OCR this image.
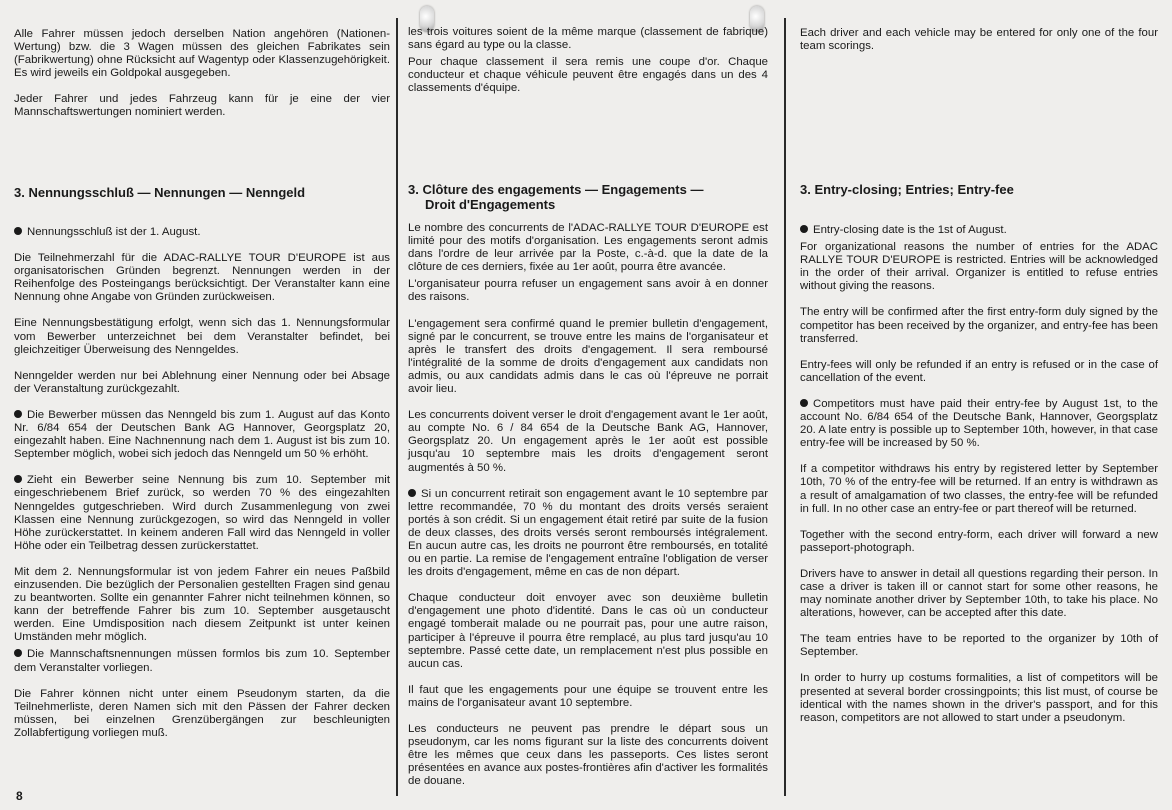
Alle Fahrer müssen jedoch derselben Nation angehören (Nationen-Wertung) bzw. die 3 Wagen müssen des gleichen Fabrikates sein (Fabrikwertung) ohne Rücksicht auf Wagentyp oder Klassenzugehörigkeit. Es wird jeweils ein Goldpokal ausgegeben.

Jeder Fahrer und jedes Fahrzeug kann für je eine der vier Mannschaftswertungen nominiert werden.

3. Nennungsschluß — Nennungen — Nenngeld

Nennungsschluß ist der 1. August.

Die Teilnehmerzahl für die ADAC-RALLYE TOUR D'EUROPE ist aus organisatorischen Gründen begrenzt. Nennungen werden in der Reihenfolge des Posteingangs berücksichtigt. Der Veranstalter kann eine Nennung ohne Angabe von Gründen zurückweisen.

Eine Nennungsbestätigung erfolgt, wenn sich das 1. Nennungsformular vom Bewerber unterzeichnet bei dem Veranstalter befindet, bei gleichzeitiger Überweisung des Nenngeldes.

Nenngelder werden nur bei Ablehnung einer Nennung oder bei Absage der Veranstaltung zurückgezahlt.

Die Bewerber müssen das Nenngeld bis zum 1. August auf das Konto Nr. 6/84 654 der Deutschen Bank AG Hannover, Georgsplatz 20, eingezahlt haben. Eine Nachnennung nach dem 1. August ist bis zum 10. September möglich, wobei sich jedoch das Nenngeld um 50 % erhöht.

Zieht ein Bewerber seine Nennung bis zum 10. September mit eingeschriebenem Brief zurück, so werden 70 % des eingezahlten Nenngeldes gutgeschrieben. Wird durch Zusammenlegung von zwei Klassen eine Nennung zurückgezogen, so wird das Nenngeld in voller Höhe zurückerstattet. In keinem anderen Fall wird das Nenngeld in voller Höhe oder ein Teilbetrag dessen zurückerstattet.

Mit dem 2. Nennungsformular ist von jedem Fahrer ein neues Paßbild einzusenden. Die bezüglich der Personalien gestellten Fragen sind genau zu beantworten. Sollte ein genannter Fahrer nicht teilnehmen können, so kann der betreffende Fahrer bis zum 10. September ausgetauscht werden. Eine Umdisposition nach diesem Zeitpunkt ist unter keinen Umständen mehr möglich.

Die Mannschaftsnennungen müssen formlos bis zum 10. September dem Veranstalter vorliegen.

Die Fahrer können nicht unter einem Pseudonym starten, da die Teilnehmerliste, deren Namen sich mit den Pässen der Fahrer decken müssen, bei einzelnen Grenzübergängen zur beschleunigten Zollabfertigung vorliegen muß.

les trois voitures soient de la même marque (classement de fabrique) sans égard au type ou la classe.

Pour chaque classement il sera remis une coupe d'or. Chaque conducteur et chaque véhicule peuvent être engagés dans un des 4 classements d'équipe.

3. Clôture des engagements — Engagements —
Droit d'Engagements

Le nombre des concurrents de l'ADAC-RALLYE TOUR D'EUROPE est limité pour des motifs d'organisation. Les engagements seront admis dans l'ordre de leur arrivée par la Poste, c.-à-d. que la date de la clôture de ces derniers, fixée au 1er août, pourra être avancée.

L'organisateur pourra refuser un engagement sans avoir à en donner des raisons.

L'engagement sera confirmé quand le premier bulletin d'engagement, signé par le concurrent, se trouve entre les mains de l'organisateur et après le transfert des droits d'engagement. Il sera remboursé l'intégralité de la somme de droits d'engagement aux candidats non admis, ou aux candidats admis dans le cas où l'épreuve ne porrait avoir lieu.

Les concurrents doivent verser le droit d'engagement avant le 1er août, au compte No. 6 / 84 654 de la Deutsche Bank AG, Hannover, Georgsplatz 20. Un engagement après le 1er août est possible jusqu'au 10 septembre mais les droits d'engagement seront augmentés à 50 %.

Si un concurrent retirait son engagement avant le 10 septembre par lettre recommandée, 70 % du montant des droits versés seraient portés à son crédit. Si un engagement était retiré par suite de la fusion de deux classes, des droits versés seront remboursés intégralement. En aucun autre cas, les droits ne pourront être remboursés, en totalité ou en partie. La remise de l'engagement entraîne l'obligation de verser les droits d'engagement, même en cas de non départ.

Chaque conducteur doit envoyer avec son deuxième bulletin d'engagement une photo d'identité. Dans le cas où un conducteur engagé tomberait malade ou ne pourrait pas, pour une autre raison, participer à l'épreuve il pourra être remplacé, au plus tard jusqu'au 10 septembre. Passé cette date, un remplacement n'est plus possible en aucun cas.

Il faut que les engagements pour une équipe se trouvent entre les mains de l'organisateur avant 10 septembre.

Les conducteurs ne peuvent pas prendre le départ sous un pseudonym, car les noms figurant sur la liste des concurrents doivent être les mêmes que ceux dans les passeports. Ces listes seront présentées en avance aux postes-frontières afin d'activer les formalités de douane.

Each driver and each vehicle may be entered for only one of the four team scorings.

3. Entry-closing; Entries; Entry-fee

Entry-closing date is the 1st of August.

For organizational reasons the number of entries for the ADAC RALLYE TOUR D'EUROPE is restricted. Entries will be acknowledged in the order of their arrival. Organizer is entitled to refuse entries without giving the reasons.

The entry will be confirmed after the first entry-form duly signed by the competitor has been received by the organizer, and entry-fee has been transferred.

Entry-fees will only be refunded if an entry is refused or in the case of cancellation of the event.

Competitors must have paid their entry-fee by August 1st, to the account No. 6/84 654 of the Deutsche Bank, Hannover, Georgsplatz 20. A late entry is possible up to September 10th, however, in that case entry-fee will be increased by 50 %.

If a competitor withdraws his entry by registered letter by September 10th, 70 % of the entry-fee will be returned. If an entry is withdrawn as a result of amalgamation of two classes, the entry-fee will be refunded in full. In no other case an entry-fee or part thereof will be returned.

Together with the second entry-form, each driver will forward a new passeport-photograph.

Drivers have to answer in detail all questions regarding their person. In case a driver is taken ill or cannot start for some other reasons, he may nominate another driver by September 10th, to take his place. No alterations, however, can be accepted after this date.

The team entries have to be reported to the organizer by 10th of September.

In order to hurry up costums formalities, a list of competitors will be presented at several border crossingpoints; this list must, of course be identical with the names shown in the driver's passport, and for this reason, competitors are not allowed to start under a pseudonym.

8
